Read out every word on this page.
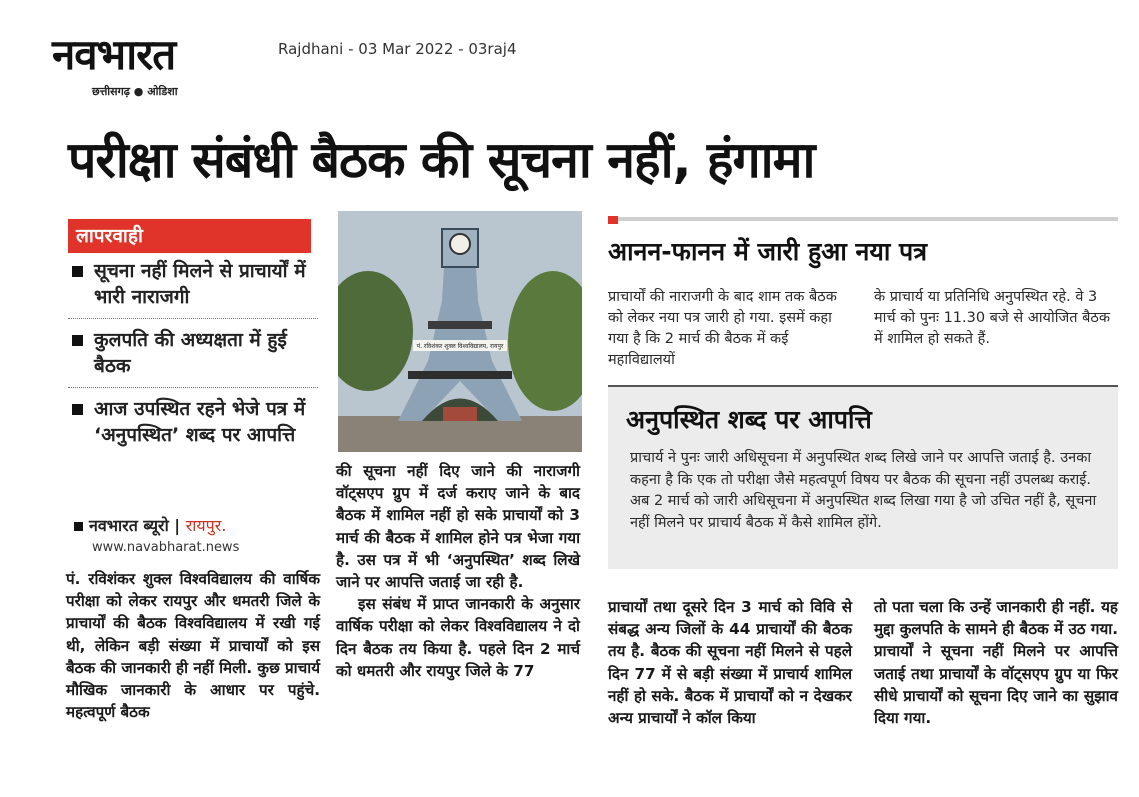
नवभारत
छत्तीसगढ़ ● ओडिशा
Rajdhani - 03 Mar 2022 - 03raj4
परीक्षा संबंधी बैठक की सूचना नहीं, हंगामा
लापरवाही
सूचना नहीं मिलने से प्राचार्यों में भारी नाराजगी
कुलपति की अध्यक्षता में हुई बैठक
आज उपस्थित रहने भेजे पत्र में ‘अनुपस्थित’ शब्द पर आपत्ति
नवभारत ब्यूरो | रायपुर.
www.navabharat.news

पं. रविशंकर शुक्ल विश्वविद्यालय की वार्षिक परीक्षा को लेकर रायपुर और धमतरी जिले के प्राचार्यों की बैठक विश्वविद्यालय में रखी गई थी, लेकिन बड़ी संख्या में प्राचार्यों को इस बैठक की जानकारी ही नहीं मिली. कुछ प्राचार्य मौखिक जानकारी के आधार पर पहुंचे. महत्वपूर्ण बैठक

पं. रविशंकर शुक्ल विश्वविद्यालय, रायपुर

की सूचना नहीं दिए जाने की नाराजगी वॉट्सएप ग्रुप में दर्ज कराए जाने के बाद बैठक में शामिल नहीं हो सके प्राचार्यों को 3 मार्च की बैठक में शामिल होने पत्र भेजा गया है. उस पत्र में भी ‘अनुपस्थित’ शब्द लिखे जाने पर आपत्ति जताई जा रही है.

इस संबंध में प्राप्त जानकारी के अनुसार वार्षिक परीक्षा को लेकर विश्वविद्यालय ने दो दिन बैठक तय किया है. पहले दिन 2 मार्च को धमतरी और रायपुर जिले के 77

आनन-फानन में जारी हुआ नया पत्र

प्राचार्यों की नाराजगी के बाद शाम तक बैठक को लेकर नया पत्र जारी हो गया. इसमें कहा गया है कि 2 मार्च की बैठक में कई महाविद्यालयों

के प्राचार्य या प्रतिनिधि अनुपस्थित रहे. वे 3 मार्च को पुनः 11.30 बजे से आयोजित बैठक में शामिल हो सकते हैं.

अनुपस्थित शब्द पर आपत्ति

प्राचार्य ने पुनः जारी अधिसूचना में अनुपस्थित शब्द लिखे जाने पर आपत्ति जताई है. उनका कहना है कि एक तो परीक्षा जैसे महत्वपूर्ण विषय पर बैठक की सूचना नहीं उपलब्ध कराई. अब 2 मार्च को जारी अधिसूचना में अनुपस्थित शब्द लिखा गया है जो उचित नहीं है, सूचना नहीं मिलने पर प्राचार्य बैठक में कैसे शामिल होंगे.

प्राचार्यों तथा दूसरे दिन 3 मार्च को विवि से संबद्ध अन्य जिलों के 44 प्राचार्यों की बैठक तय है. बैठक की सूचना नहीं मिलने से पहले दिन 77 में से बड़ी संख्या में प्राचार्य शामिल नहीं हो सके. बैठक में प्राचार्यों को न देखकर अन्य प्राचार्यों ने कॉल किया

तो पता चला कि उन्हें जानकारी ही नहीं. यह मुद्दा कुलपति के सामने ही बैठक में उठ गया. प्राचार्यों ने सूचना नहीं मिलने पर आपत्ति जताई तथा प्राचार्यों के वॉट्सएप ग्रुप या फिर सीधे प्राचार्यों को सूचना दिए जाने का सुझाव दिया गया.
